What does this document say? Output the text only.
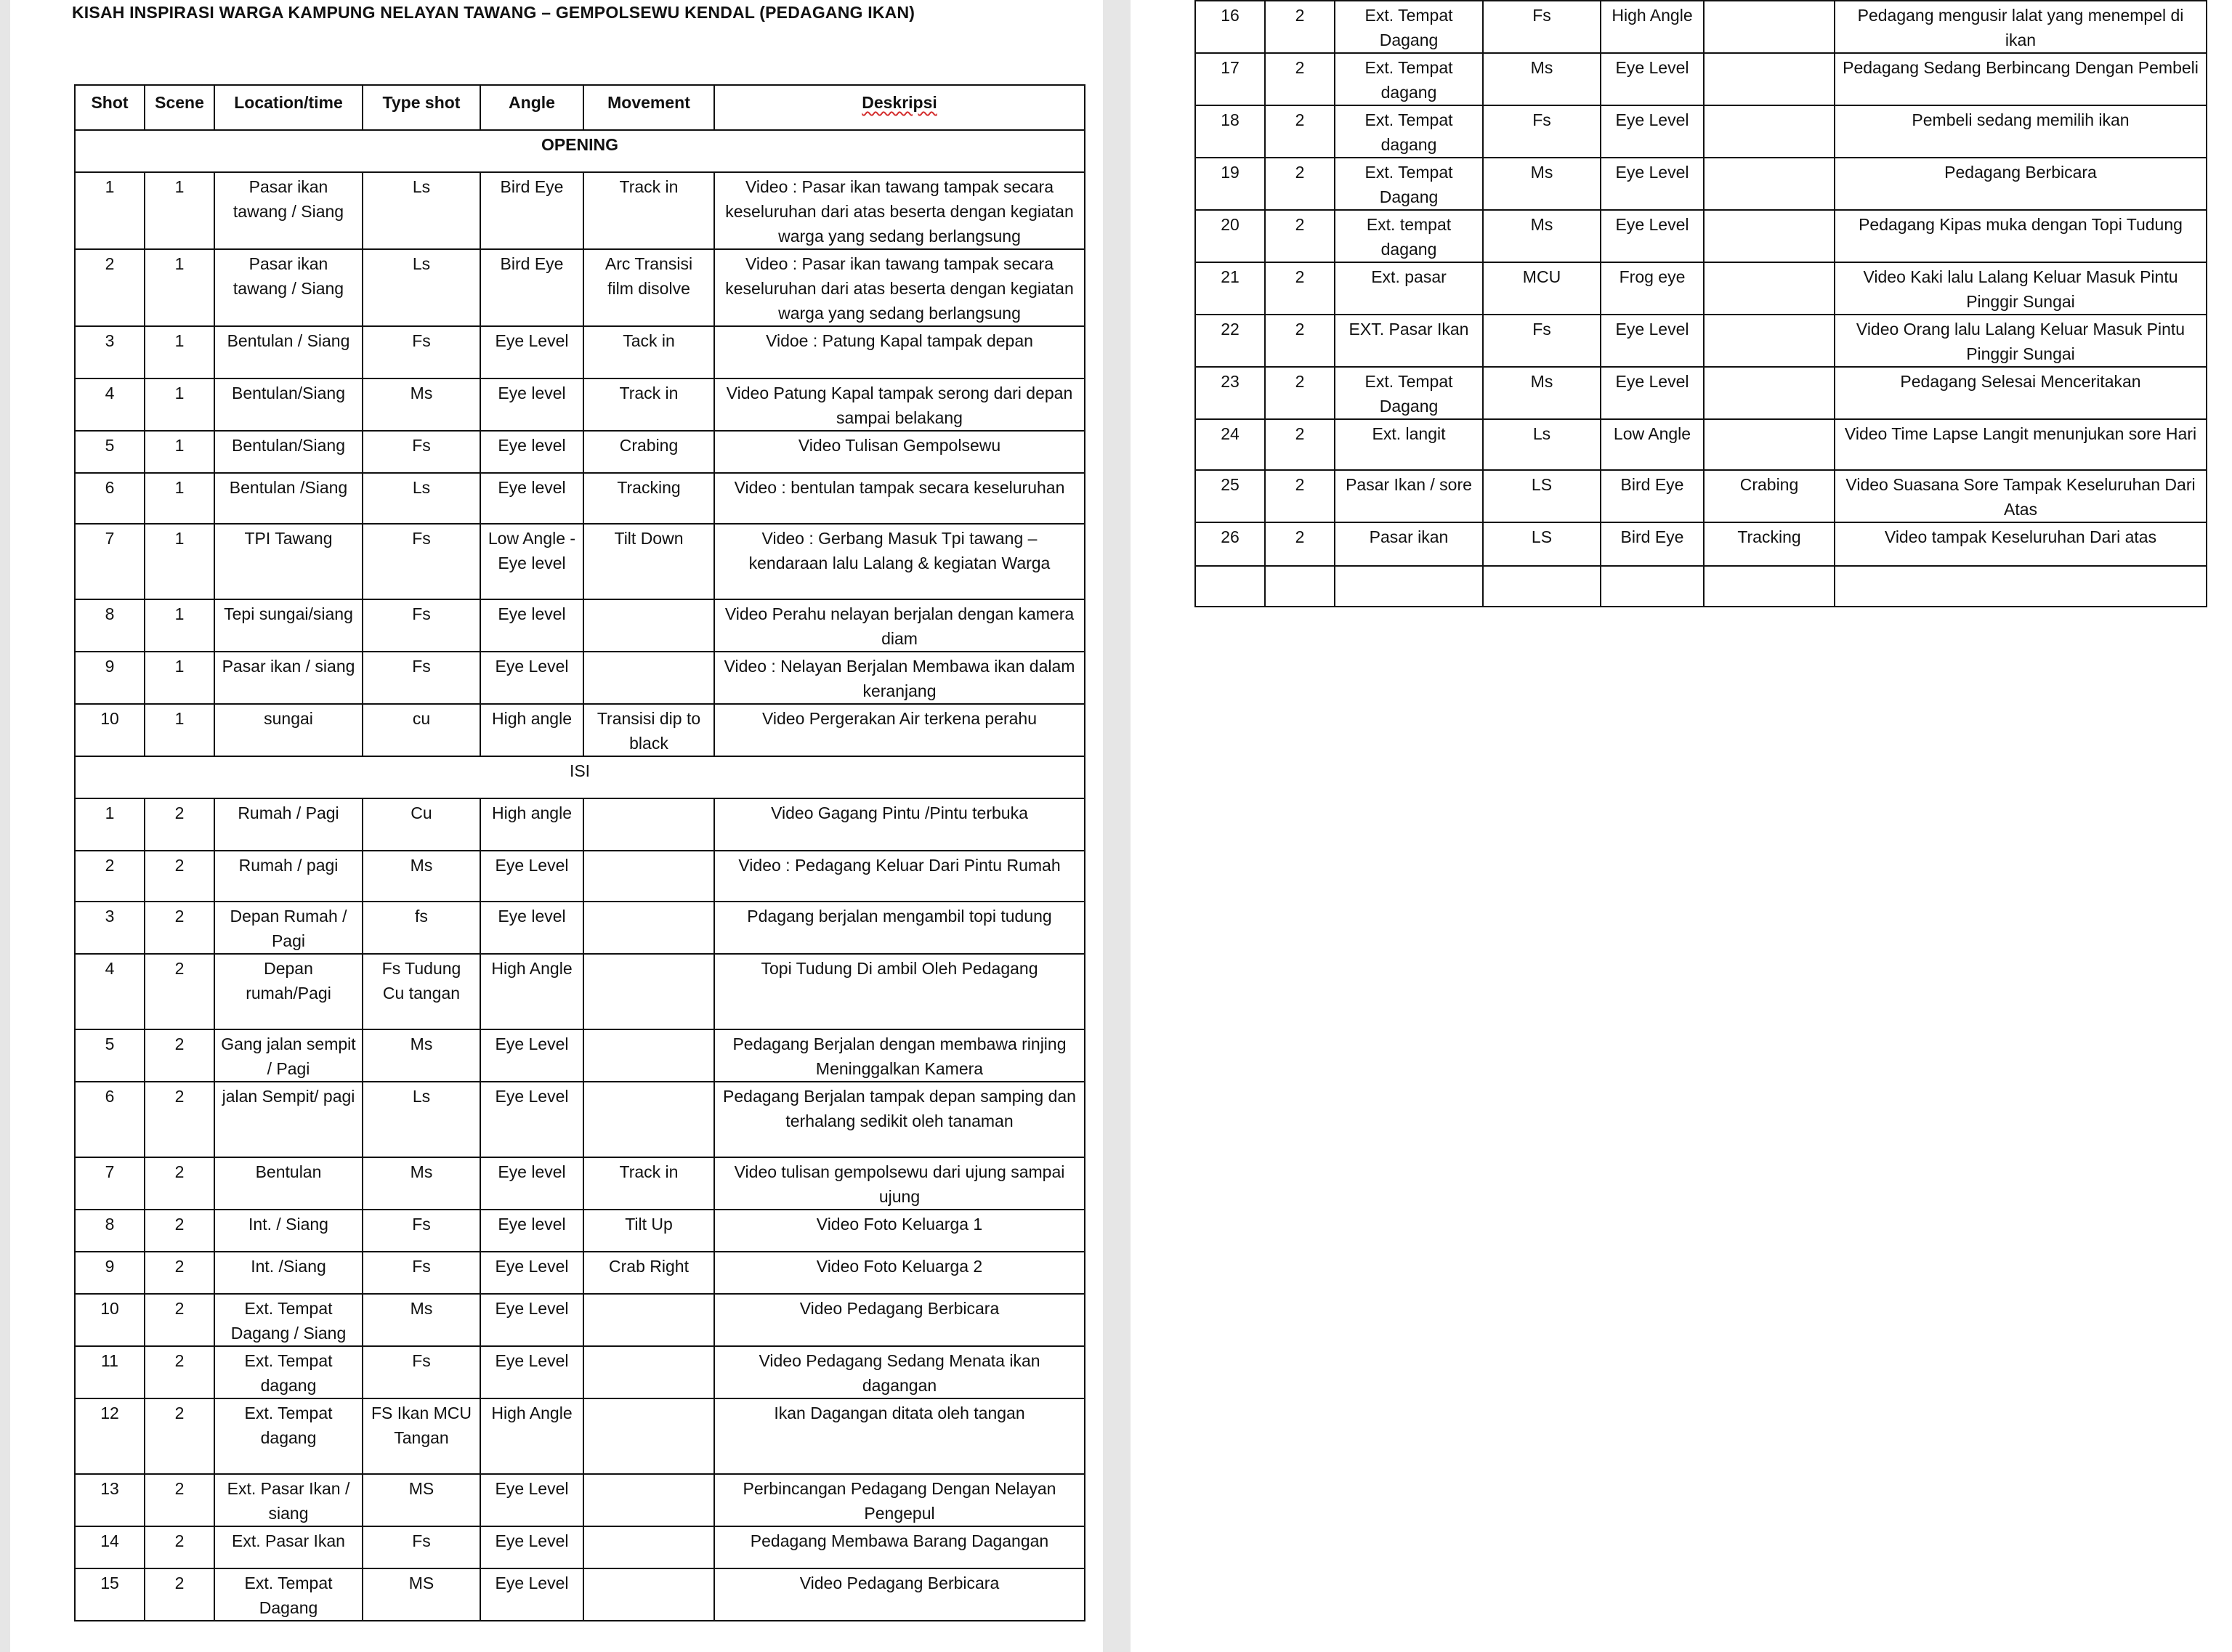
KISAH INSPIRASI WARGA KAMPUNG NELAYAN TAWANG – GEMPOLSEWU KENDAL (PEDAGANG IKAN)
Shot	Scene	Location/time	Type shot	Angle	Movement	Deskripsi
OPENING						
1	1	Pasar ikan tawang / Siang	Ls	Bird Eye	Track in	Video : Pasar ikan tawang tampak secara keseluruhan dari atas beserta dengan kegiatan warga yang sedang berlangsung
2	1	Pasar ikan tawang / Siang	Ls	Bird Eye	Arc Transisi film disolve	Video : Pasar ikan tawang tampak secara keseluruhan dari atas beserta dengan kegiatan warga yang sedang berlangsung
3	1	Bentulan / Siang	Fs	Eye Level	Tack in	Vidoe : Patung Kapal tampak depan
4	1	Bentulan/Siang	Ms	Eye level	Track in	Video Patung Kapal tampak serong dari depan sampai belakang
5	1	Bentulan/Siang	Fs	Eye level	Crabing	Video Tulisan Gempolsewu
6	1	Bentulan /Siang	Ls	Eye level	Tracking	Video : bentulan tampak secara keseluruhan
7	1	TPI Tawang	Fs	Low Angle - Eye level	Tilt Down	Video : Gerbang Masuk Tpi tawang – kendaraan lalu Lalang & kegiatan Warga
8	1	Tepi sungai/siang	Fs	Eye level		Video Perahu nelayan berjalan dengan kamera diam
9	1	Pasar ikan / siang	Fs	Eye Level		Video : Nelayan Berjalan Membawa ikan dalam keranjang
10	1	sungai	cu	High angle	Transisi dip to black	Video Pergerakan Air terkena perahu
ISI						
1	2	Rumah / Pagi	Cu	High angle		Video Gagang Pintu /Pintu terbuka
2	2	Rumah / pagi	Ms	Eye Level		Video : Pedagang Keluar Dari Pintu Rumah
3	2	Depan Rumah / Pagi	fs	Eye level		Pdagang berjalan mengambil topi tudung
4	2	Depan rumah/Pagi	Fs Tudung Cu tangan	High Angle		Topi Tudung Di ambil Oleh Pedagang
5	2	Gang jalan sempit / Pagi	Ms	Eye Level		Pedagang Berjalan dengan membawa rinjing Meninggalkan Kamera
6	2	jalan Sempit/ pagi	Ls	Eye Level		Pedagang Berjalan tampak depan samping dan terhalang sedikit oleh tanaman
7	2	Bentulan	Ms	Eye level	Track in	Video tulisan gempolsewu dari ujung sampai ujung
8	2	Int. / Siang	Fs	Eye level	Tilt Up	Video Foto Keluarga 1
9	2	Int. /Siang	Fs	Eye Level	Crab Right	Video Foto Keluarga 2
10	2	Ext. Tempat Dagang / Siang	Ms	Eye Level		Video Pedagang Berbicara
11	2	Ext. Tempat dagang	Fs	Eye Level		Video Pedagang Sedang Menata ikan dagangan
12	2	Ext. Tempat dagang	FS Ikan MCU Tangan	High Angle		Ikan Dagangan ditata oleh tangan
13	2	Ext. Pasar Ikan / siang	MS	Eye Level		Perbincangan Pedagang Dengan Nelayan Pengepul
14	2	Ext. Pasar Ikan	Fs	Eye Level		Pedagang Membawa Barang Dagangan
15	2	Ext. Tempat Dagang	MS	Eye Level		Video Pedagang Berbicara
16	2	Ext. Tempat Dagang	Fs	High Angle		Pedagang mengusir lalat yang menempel di ikan
17	2	Ext. Tempat dagang	Ms	Eye Level		Pedagang Sedang Berbincang Dengan Pembeli
18	2	Ext. Tempat dagang	Fs	Eye Level		Pembeli sedang memilih ikan
19	2	Ext. Tempat Dagang	Ms	Eye Level		Pedagang Berbicara
20	2	Ext. tempat dagang	Ms	Eye Level		Pedagang Kipas muka dengan Topi Tudung
21	2	Ext. pasar	MCU	Frog eye		Video Kaki lalu Lalang Keluar Masuk Pintu Pinggir Sungai
22	2	EXT. Pasar Ikan	Fs	Eye Level		Video Orang lalu Lalang Keluar Masuk Pintu Pinggir Sungai
23	2	Ext. Tempat Dagang	Ms	Eye Level		Pedagang Selesai Menceritakan
24	2	Ext. langit	Ls	Low Angle		Video Time Lapse Langit menunjukan sore Hari
25	2	Pasar Ikan / sore	LS	Bird Eye	Crabing	Video Suasana Sore Tampak Keseluruhan Dari Atas
26	2	Pasar ikan	LS	Bird Eye	Tracking	Video tampak Keseluruhan Dari atas
